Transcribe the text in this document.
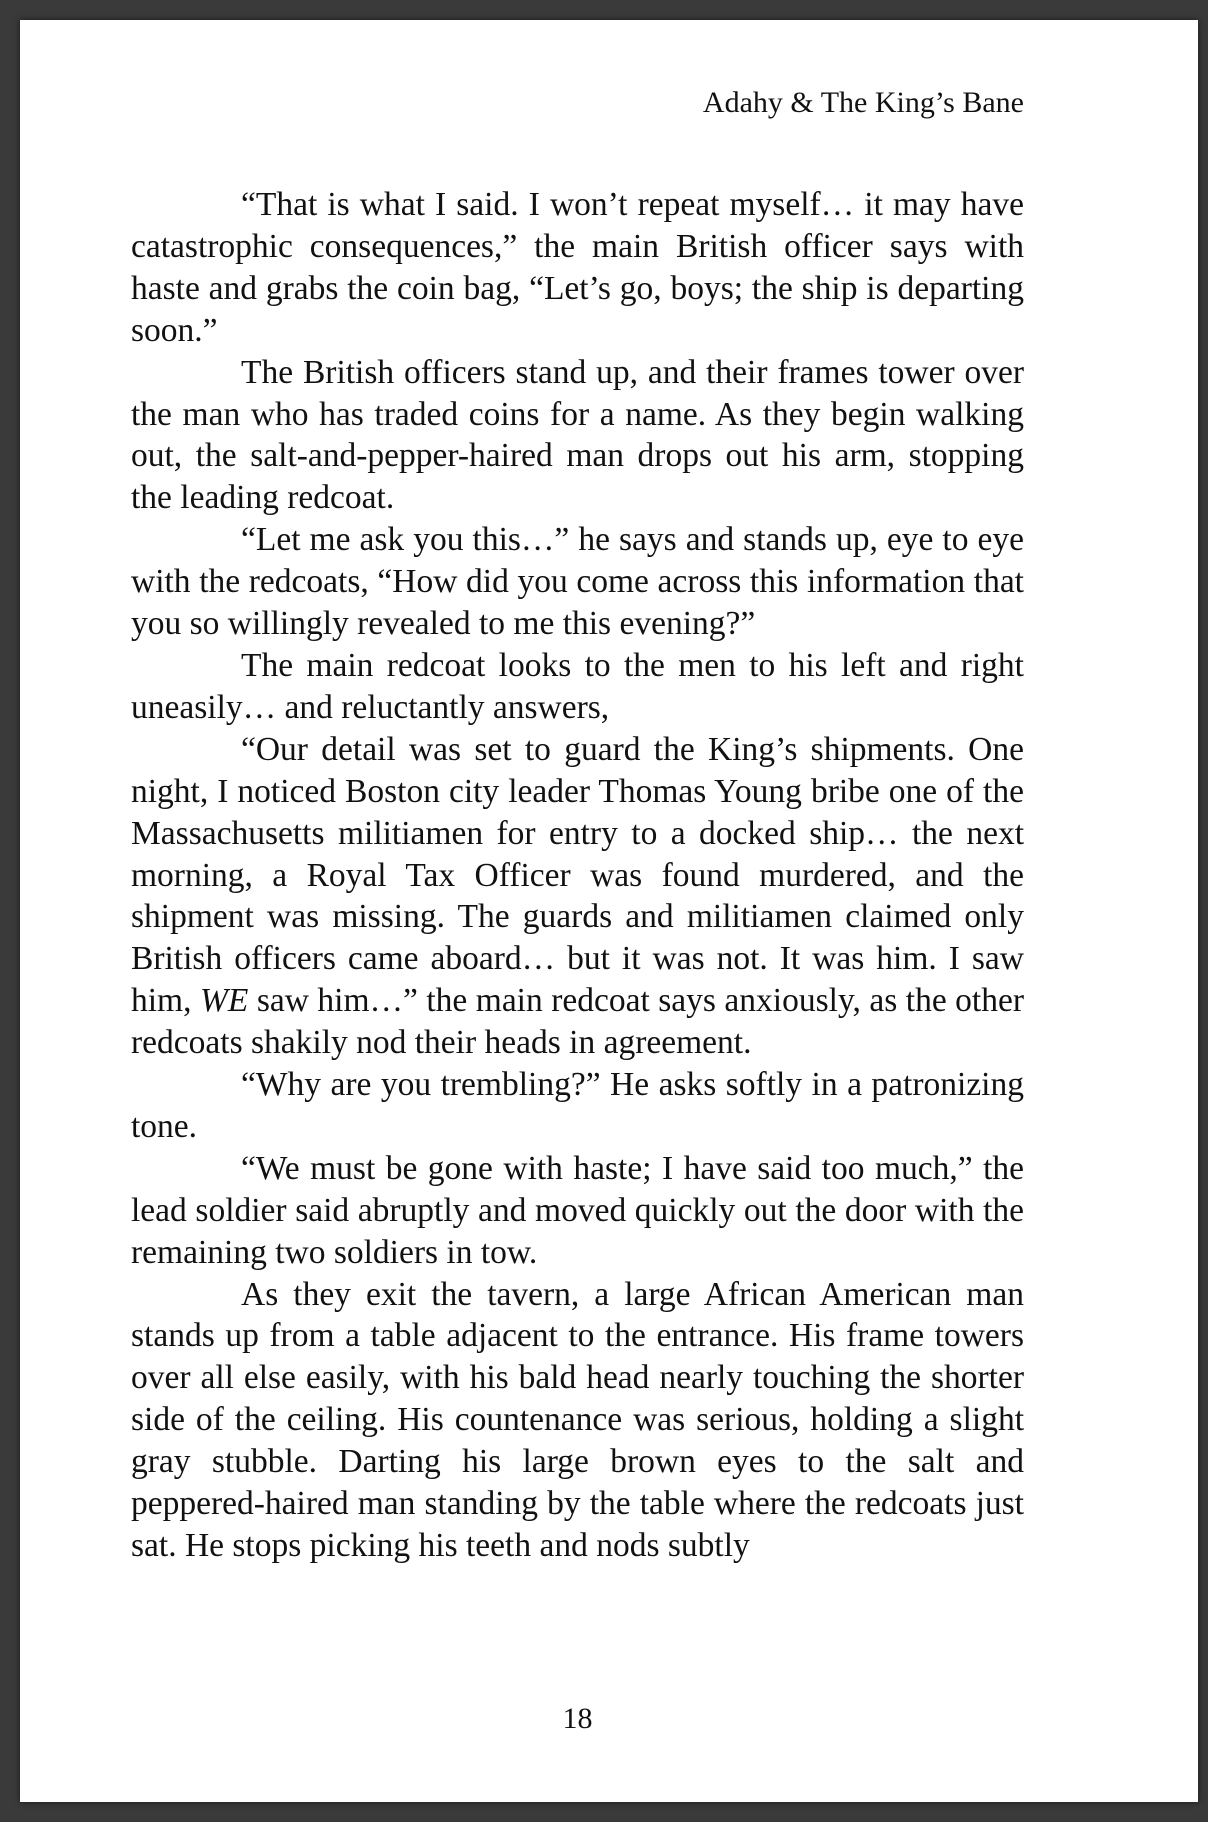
Adahy & The King’s Bane

“That is what I said. I won’t repeat myself… it may have catastrophic consequences,” the main British officer says with haste and grabs the coin bag, “Let’s go, boys; the ship is departing soon.”

The British officers stand up, and their frames tower over the man who has traded coins for a name. As they begin walking out, the salt-and-pepper-haired man drops out his arm, stopping the leading redcoat.

“Let me ask you this…” he says and stands up, eye to eye with the redcoats, “How did you come across this information that you so willingly revealed to me this evening?”

The main redcoat looks to the men to his left and right uneasily… and reluctantly answers,

“Our detail was set to guard the King’s shipments. One night, I noticed Boston city leader Thomas Young bribe one of the Massachusetts militiamen for entry to a docked ship… the next morning, a Royal Tax Officer was found murdered, and the shipment was missing. The guards and militiamen claimed only British officers came aboard… but it was not. It was him. I saw him, WE saw him…” the main redcoat says anxiously, as the other redcoats shakily nod their heads in agreement.

“Why are you trembling?” He asks softly in a patronizing tone.

“We must be gone with haste; I have said too much,” the lead soldier said abruptly and moved quickly out the door with the remaining two soldiers in tow.

As they exit the tavern, a large African American man stands up from a table adjacent to the entrance. His frame towers over all else easily, with his bald head nearly touching the shorter side of the ceiling. His countenance was serious, holding a slight gray stubble. Darting his large brown eyes to the salt and peppered-haired man standing by the table where the redcoats just sat. He stops picking his teeth and nods subtly

18
